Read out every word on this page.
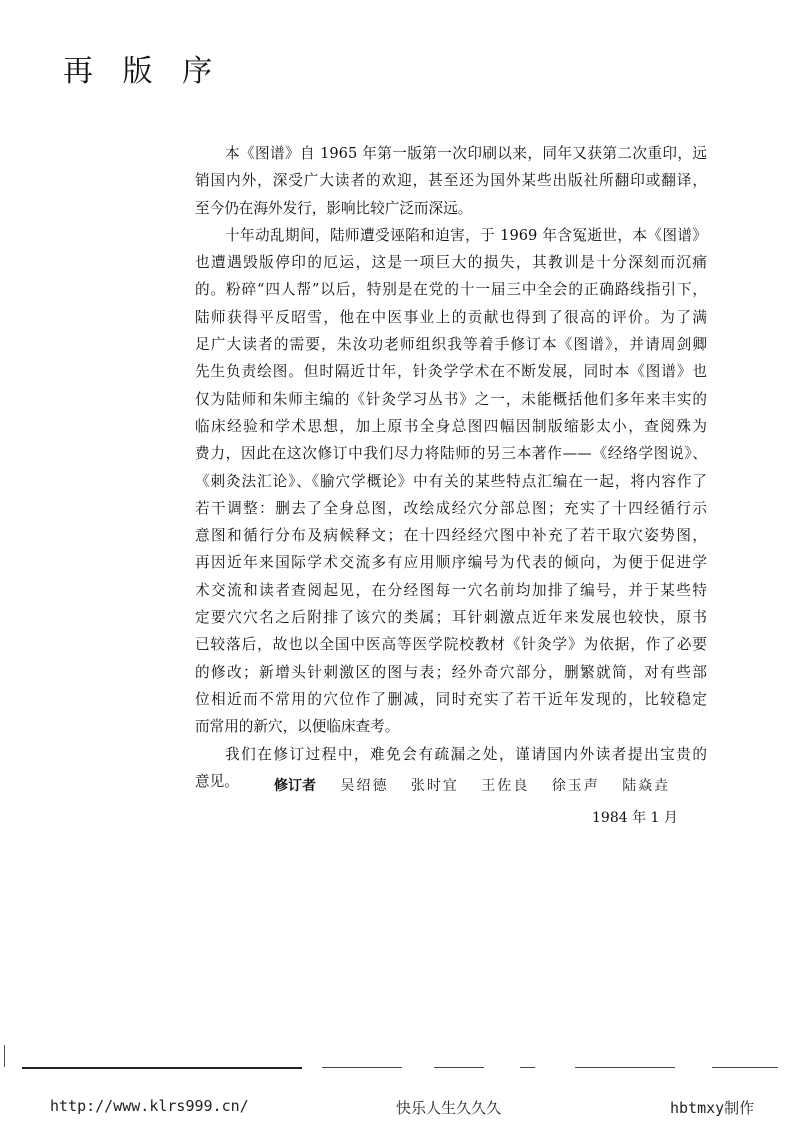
再 版 序
本《图谱》自 1965 年第一版第一次印刷以来，同年又获第二次重印，远
销国内外，深受广大读者的欢迎，甚至还为国外某些出版社所翻印或翻译，
至今仍在海外发行，影响比较广泛而深远。
十年动乱期间，陆师遭受诬陷和迫害，于 1969 年含冤逝世，本《图谱》
也遭遇毁版停印的厄运，这是一项巨大的损失，其教训是十分深刻而沉痛
的。粉碎“四人帮”以后，特别是在党的十一届三中全会的正确路线指引下，
陆师获得平反昭雪，他在中医事业上的贡献也得到了很高的评价。为了满
足广大读者的需要，朱汝功老师组织我等着手修订本《图谱》，并请周剑卿
先生负责绘图。但时隔近廿年，针灸学学术在不断发展，同时本《图谱》也
仅为陆师和朱师主编的《针灸学习丛书》之一，未能概括他们多年来丰实的
临床经验和学术思想，加上原书全身总图四幅因制版缩影太小，查阅殊为
费力，因此在这次修订中我们尽力将陆师的另三本著作——《经络学图说》、
《刺灸法汇论》、《腧穴学概论》中有关的某些特点汇编在一起，将内容作了
若干调整：删去了全身总图，改绘成经穴分部总图；充实了十四经循行示
意图和循行分布及病候释文；在十四经经穴图中补充了若干取穴姿势图，
再因近年来国际学术交流多有应用顺序编号为代表的倾向，为便于促进学
术交流和读者查阅起见，在分经图每一穴名前均加排了编号，并于某些特
定要穴穴名之后附排了该穴的类属；耳针刺激点近年来发展也较快，原书
已较落后，故也以全国中医高等医学院校教材《针灸学》为依据，作了必要
的修改；新增头针刺激区的图与表；经外奇穴部分，删繁就简，对有些部
位相近而不常用的穴位作了删减，同时充实了若干近年发现的，比较稳定
而常用的新穴，以便临床查考。
我们在修订过程中，难免会有疏漏之处，谨请国内外读者提出宝贵的
意见。	修订者 吴绍德 张时宜 王佐良 徐玉声 陆焱垚
1984 年 1 月
http://www.klrs999.cn/	快乐人生久久久	hbtmxy制作
